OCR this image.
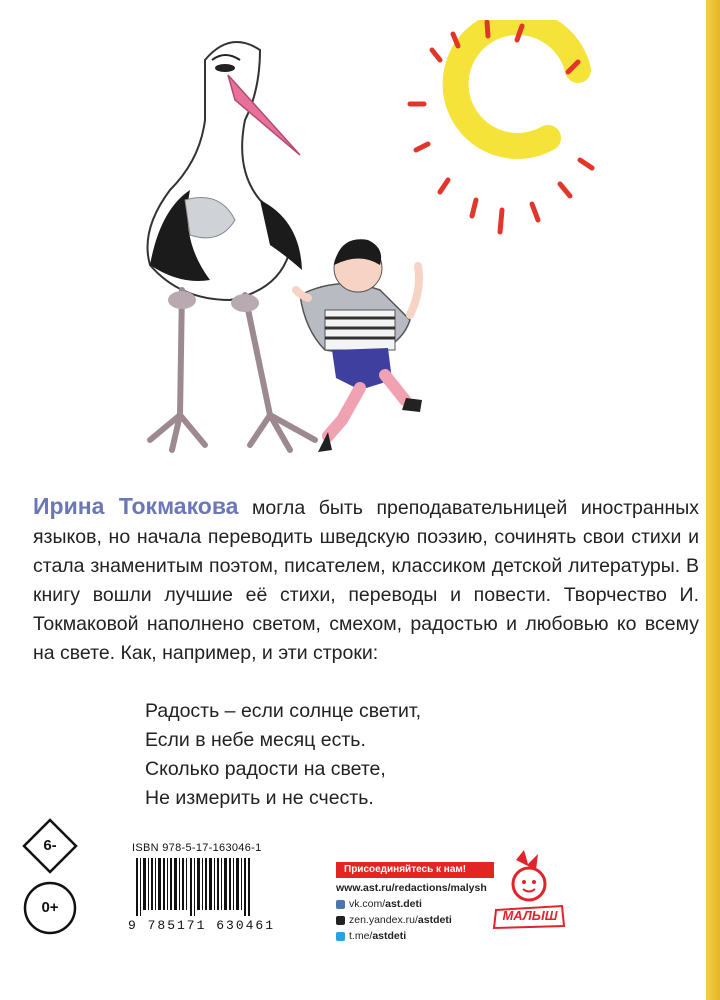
Ирина Токмакова могла быть преподавательницей иностранных языков, но начала переводить шведскую поэзию, сочинять свои стихи и стала знаменитым поэтом, писателем, классиком детской литературы. В книгу вошли лучшие её стихи, переводы и повести. Творчество И. Токмаковой наполнено светом, смехом, радостью и любовью ко всему на свете. Как, например, и эти строки:

Радость – если солнце светит,
Если в небе месяц есть.
Сколько радости на свете,
Не измерить и не счесть.
6-
0+
ISBN 978-5-17-163046-1
9 785171 630461
Присоединяйтесь к нам!
www.ast.ru/redactions/malysh
vk.com/ ast.deti
zen.yandex.ru/ astdeti
t.me/ astdeti
МАЛЫШ
